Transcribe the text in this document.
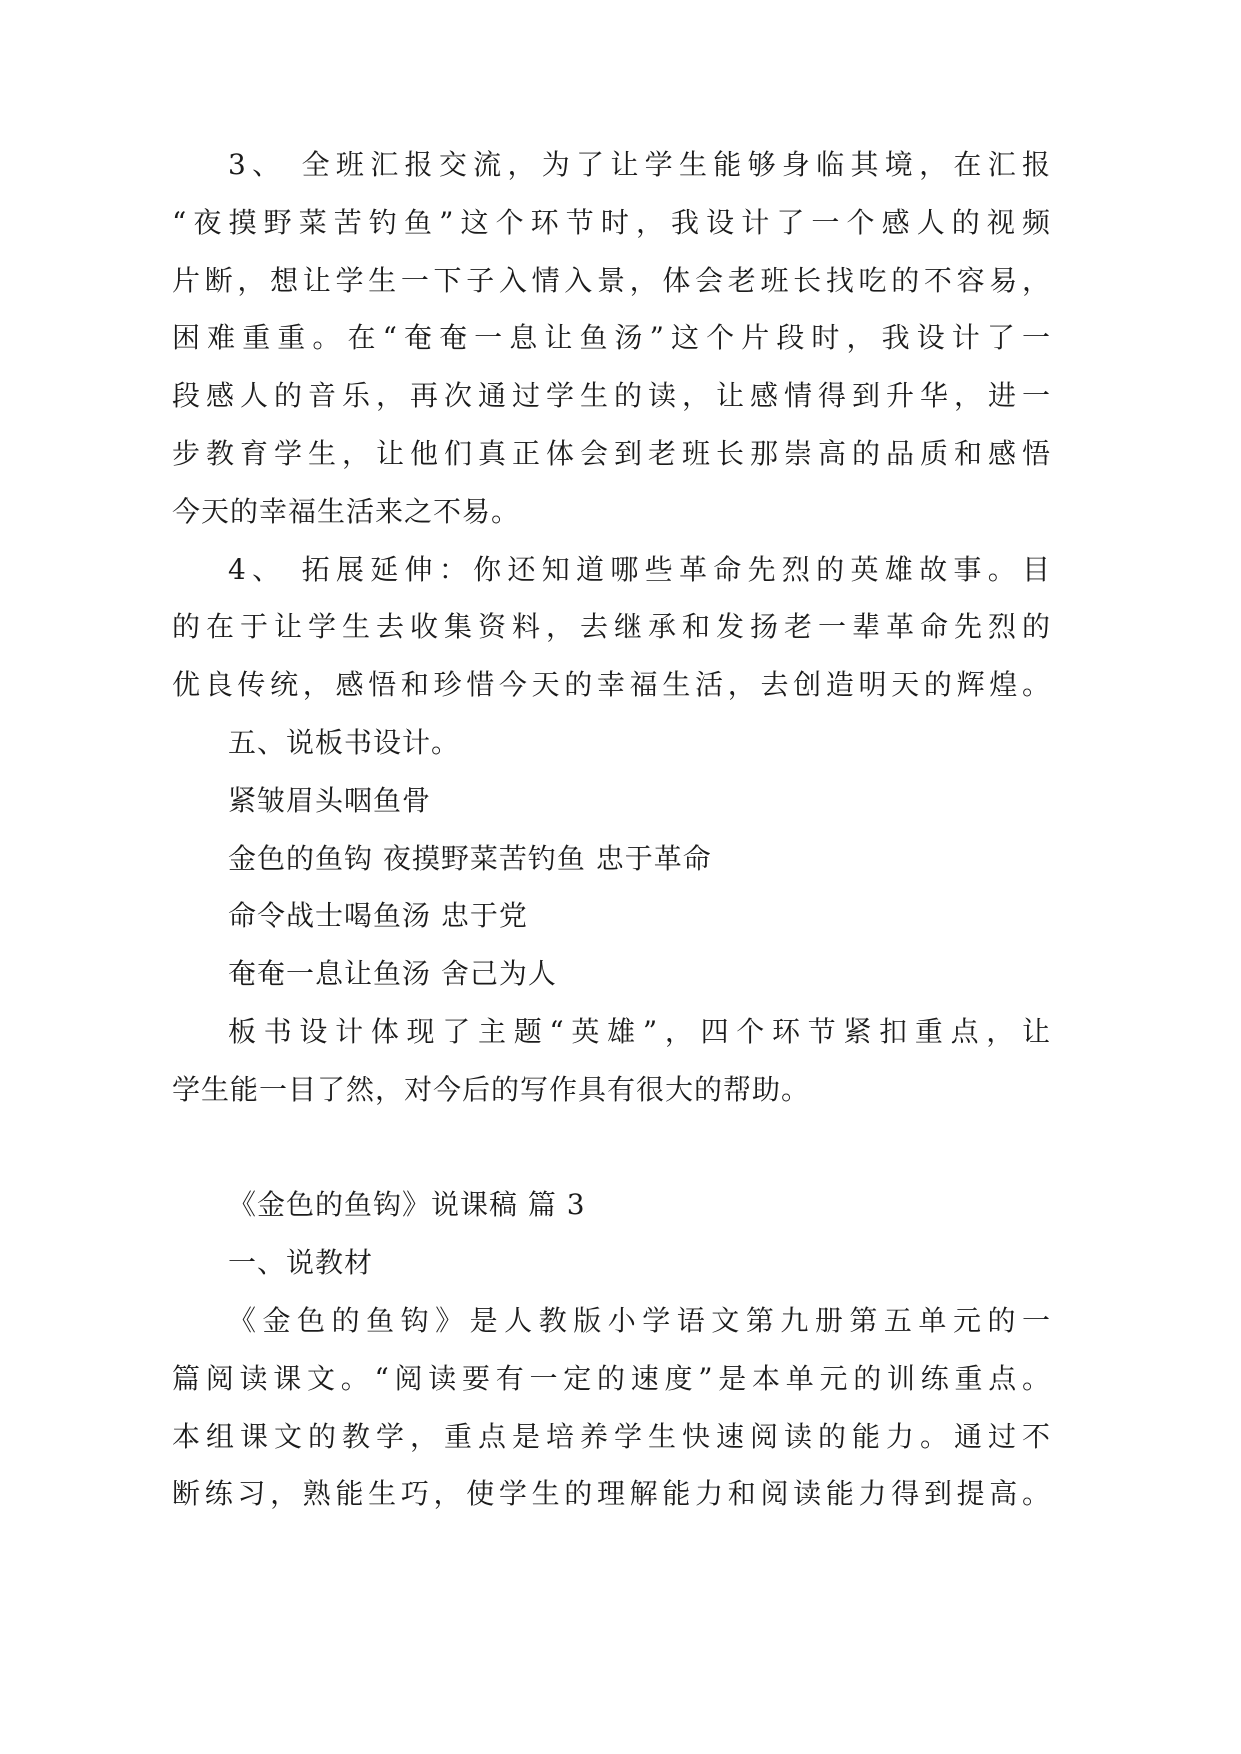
3、 全班汇报交流，为了让学生能够身临其境，在汇报
“夜摸野菜苦钓鱼”这个环节时，我设计了一个感人的视频
片断，想让学生一下子入情入景，体会老班长找吃的不容易，
困难重重。在“奄奄一息让鱼汤”这个片段时，我设计了一
段感人的音乐，再次通过学生的读，让感情得到升华，进一
步教育学生，让他们真正体会到老班长那崇高的品质和感悟
今天的幸福生活来之不易。
4、 拓展延伸：你还知道哪些革命先烈的英雄故事。目
的在于让学生去收集资料，去继承和发扬老一辈革命先烈的
优良传统，感悟和珍惜今天的幸福生活，去创造明天的辉煌。
五、说板书设计。
紧皱眉头咽鱼骨
金色的鱼钩 夜摸野菜苦钓鱼 忠于革命
命令战士喝鱼汤 忠于党
奄奄一息让鱼汤 舍己为人
板书设计体现了主题“英雄”，四个环节紧扣重点，让
学生能一目了然，对今后的写作具有很大的帮助。
《金色的鱼钩》说课稿 篇 3
一、说教材
《金色的鱼钩》是人教版小学语文第九册第五单元的一
篇阅读课文。“阅读要有一定的速度”是本单元的训练重点。
本组课文的教学，重点是培养学生快速阅读的能力。通过不
断练习，熟能生巧，使学生的理解能力和阅读能力得到提高。
